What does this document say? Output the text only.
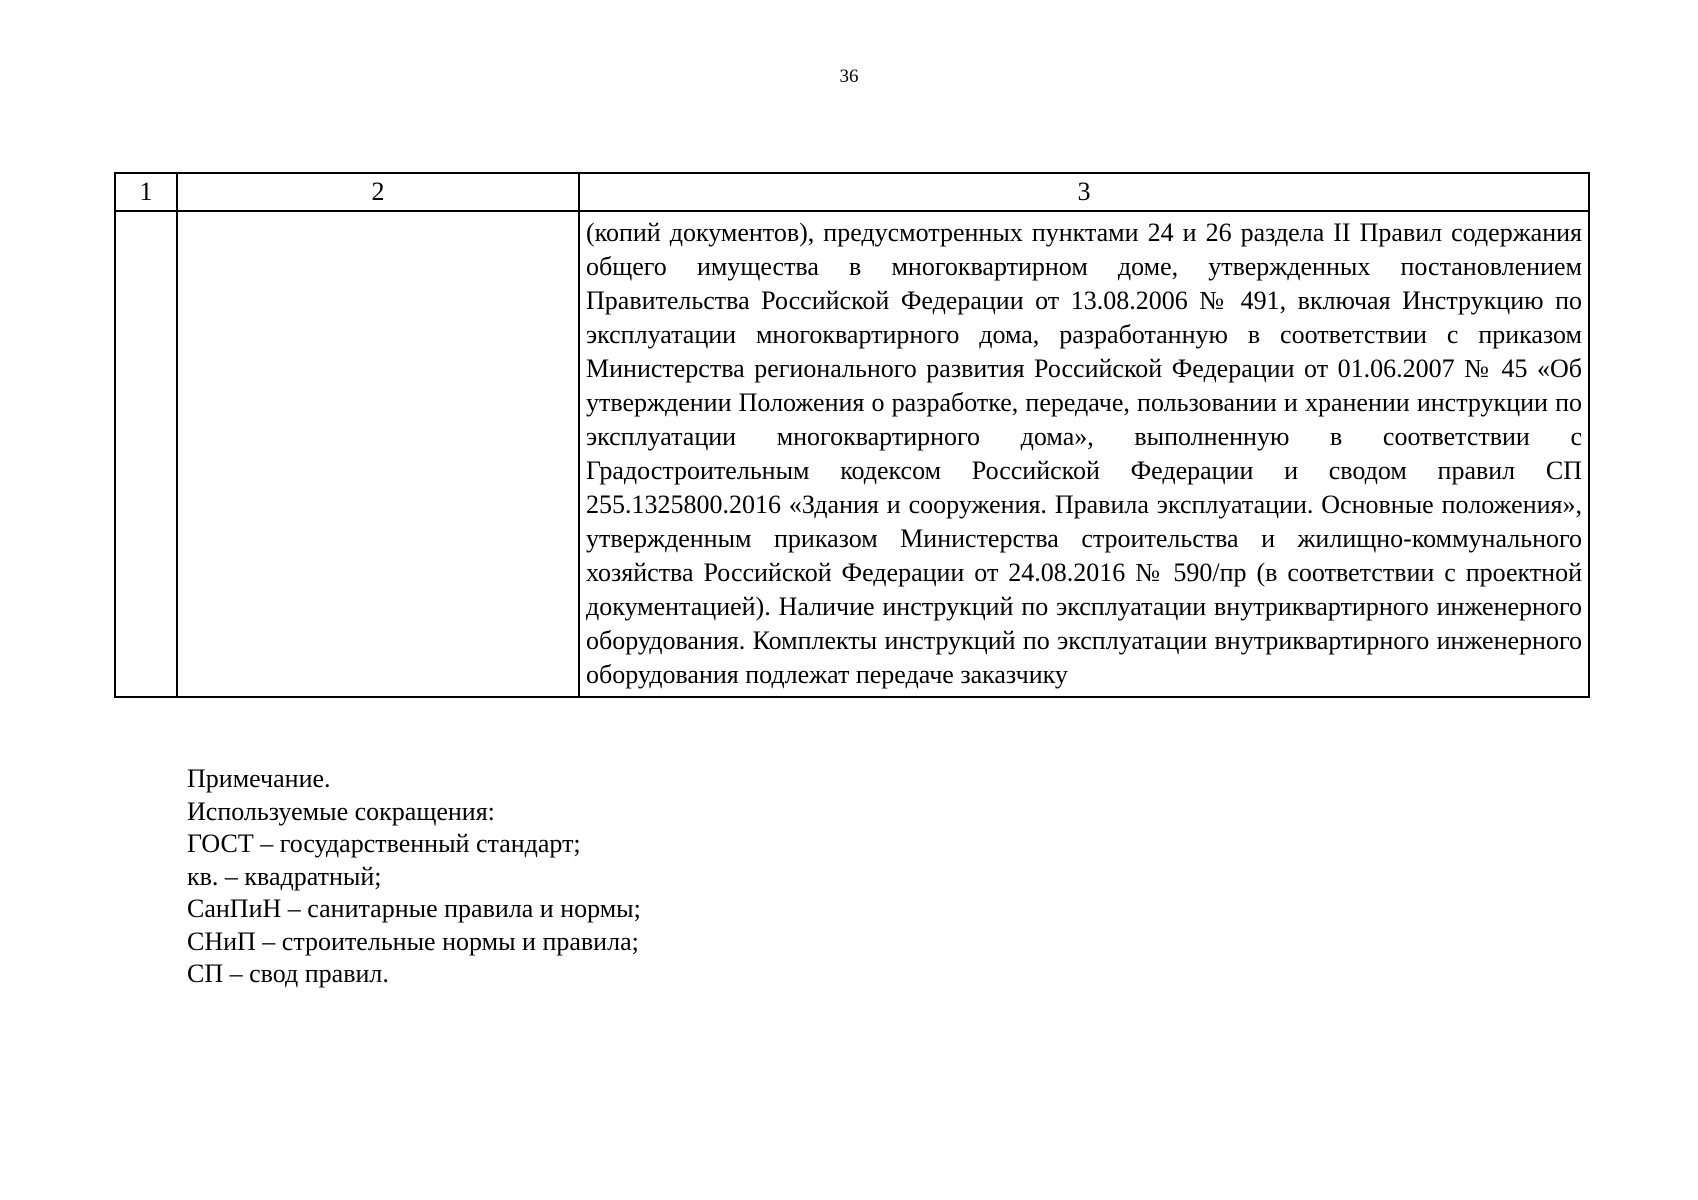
36
1	2	3

		(копий документов), предусмотренных пунктами 24 и 26 раздела II Правил содержания общего имущества в многоквартирном доме, утвержденных постановлением Правительства Российской Федерации от 13.08.2006 № 491, включая Инструкцию по эксплуатации многоквартирного дома, разработанную в соответствии с приказом Министерства регионального развития Российской Федерации от 01.06.2007 № 45 «Об утверждении Положения о разработке, передаче, пользовании и хранении инструкции по эксплуатации многоквартирного дома», выполненную в соответствии с Градостроительным кодексом Российской Федерации и сводом правил СП 255.1325800.2016 «Здания и сооружения. Правила эксплуатации. Основные положения», утвержденным приказом Министерства строительства и жилищно-коммунального хозяйства Российской Федерации от 24.08.2016 № 590/пр (в соответствии с проектной документацией). Наличие инструкций по эксплуатации внутриквартирного инженерного оборудования. Комплекты инструкций по эксплуатации внутриквартирного инженерного оборудования подлежат передаче заказчику
Примечание.
Используемые сокращения:
ГОСТ – государственный стандарт;
кв. – квадратный;
СанПиН – санитарные правила и нормы;
СНиП – строительные нормы и правила;
СП – свод правил.
